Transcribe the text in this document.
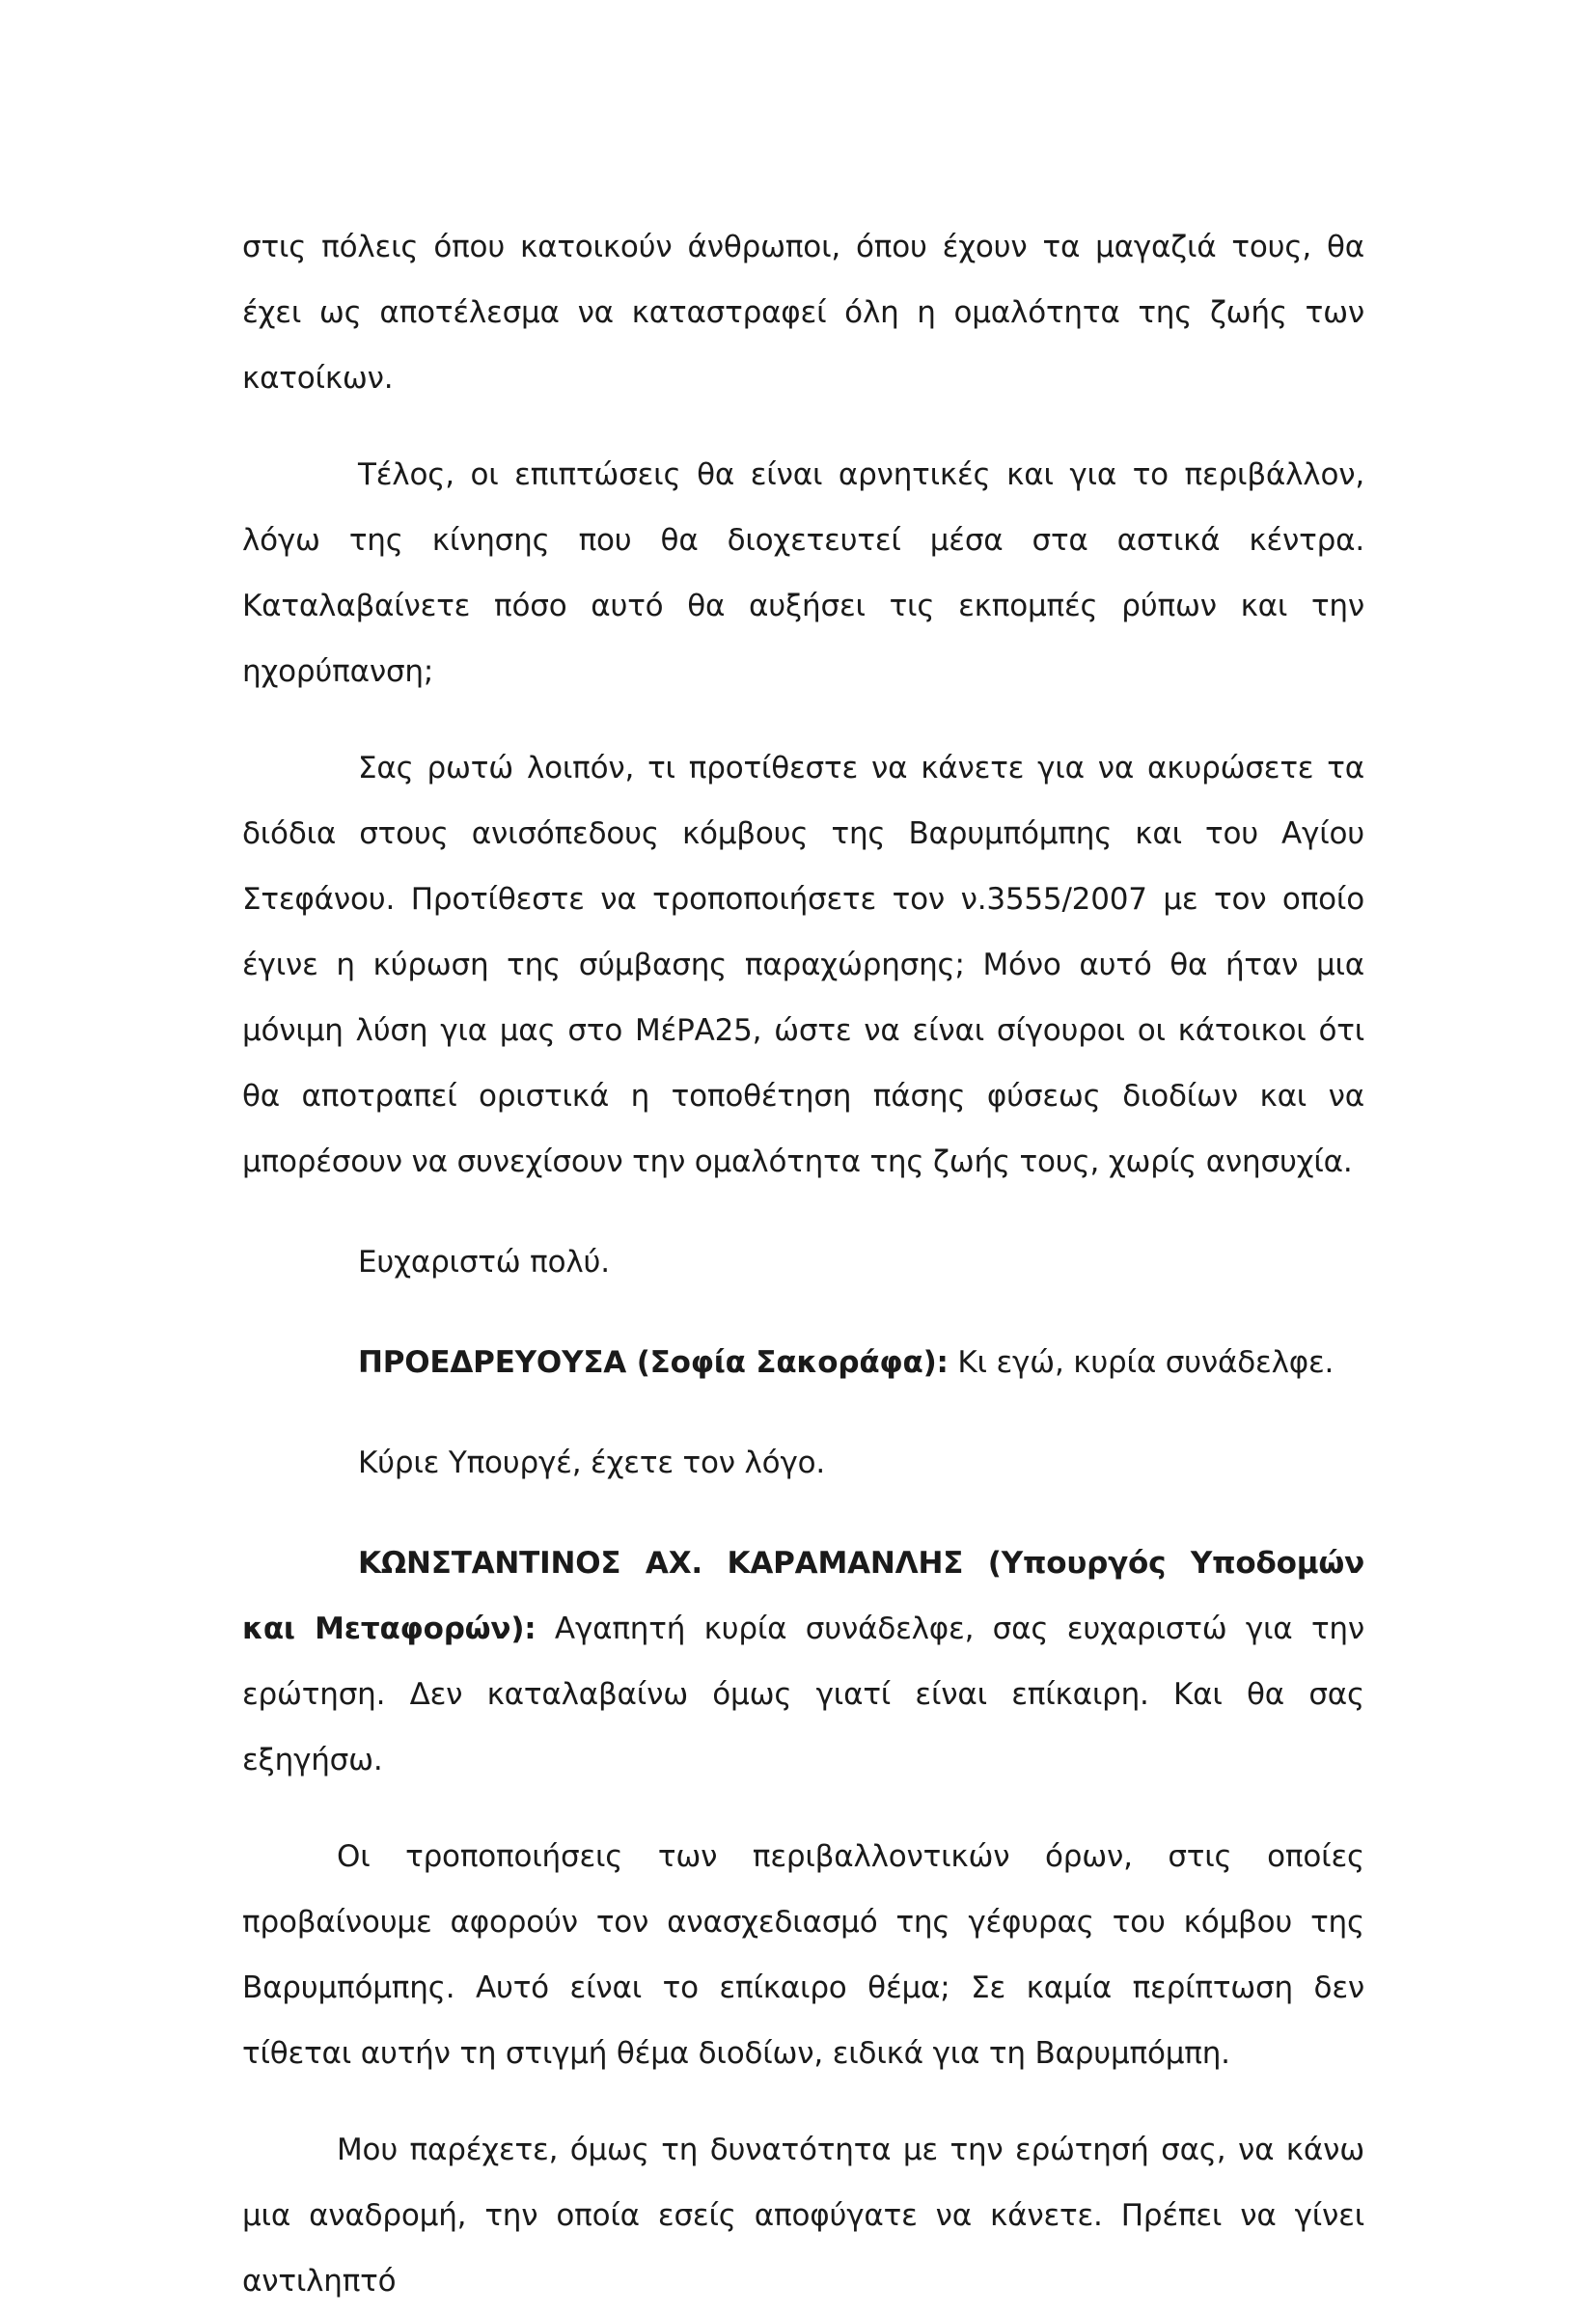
στις πόλεις όπου κατοικούν άνθρωποι, όπου έχουν τα μαγαζιά τους, θα έχει ως αποτέλεσμα να καταστραφεί όλη η ομαλότητα της ζωής των κατοίκων.

Τέλος, οι επιπτώσεις θα είναι αρνητικές και για το περιβάλλον, λόγω της κίνησης που θα διοχετευτεί μέσα στα αστικά κέντρα. Καταλαβαίνετε πόσο αυτό θα αυξήσει τις εκπομπές ρύπων και την ηχορύπανση;

Σας ρωτώ λοιπόν, τι προτίθεστε να κάνετε για να ακυρώσετε τα διόδια στους ανισόπεδους κόμβους της Βαρυμπόμπης και του Αγίου Στεφάνου. Προτίθεστε να τροποποιήσετε τον ν.3555/2007 με τον οποίο έγινε η κύρωση της σύμβασης παραχώρησης; Μόνο αυτό θα ήταν μια μόνιμη λύση για μας στο ΜέΡΑ25, ώστε να είναι σίγουροι οι κάτοικοι ότι θα αποτραπεί οριστικά η τοποθέτηση πάσης φύσεως διοδίων και να μπορέσουν να συνεχίσουν την ομαλότητα της ζωής τους, χωρίς ανησυχία.

Ευχαριστώ πολύ.

ΠΡΟΕΔΡΕΥΟΥΣΑ (Σοφία Σακοράφα): Κι εγώ, κυρία συνάδελφε.

Κύριε Υπουργέ, έχετε τον λόγο.

ΚΩΝΣΤΑΝΤΙΝΟΣ ΑΧ. ΚΑΡΑΜΑΝΛΗΣ (Υπουργός Υποδομών και Μεταφορών): Αγαπητή κυρία συνάδελφε, σας ευχαριστώ για την ερώτηση. Δεν καταλαβαίνω όμως γιατί είναι επίκαιρη. Και θα σας εξηγήσω.

Οι τροποποιήσεις των περιβαλλοντικών όρων, στις οποίες προβαίνουμε αφορούν τον ανασχεδιασμό της γέφυρας του κόμβου της Βαρυμπόμπης. Αυτό είναι το επίκαιρο θέμα; Σε καμία περίπτωση δεν τίθεται αυτήν τη στιγμή θέμα διοδίων, ειδικά για τη Βαρυμπόμπη.

Μου παρέχετε, όμως τη δυνατότητα με την ερώτησή σας, να κάνω μια αναδρομή, την οποία εσείς αποφύγατε να κάνετε. Πρέπει να γίνει αντιληπτό
